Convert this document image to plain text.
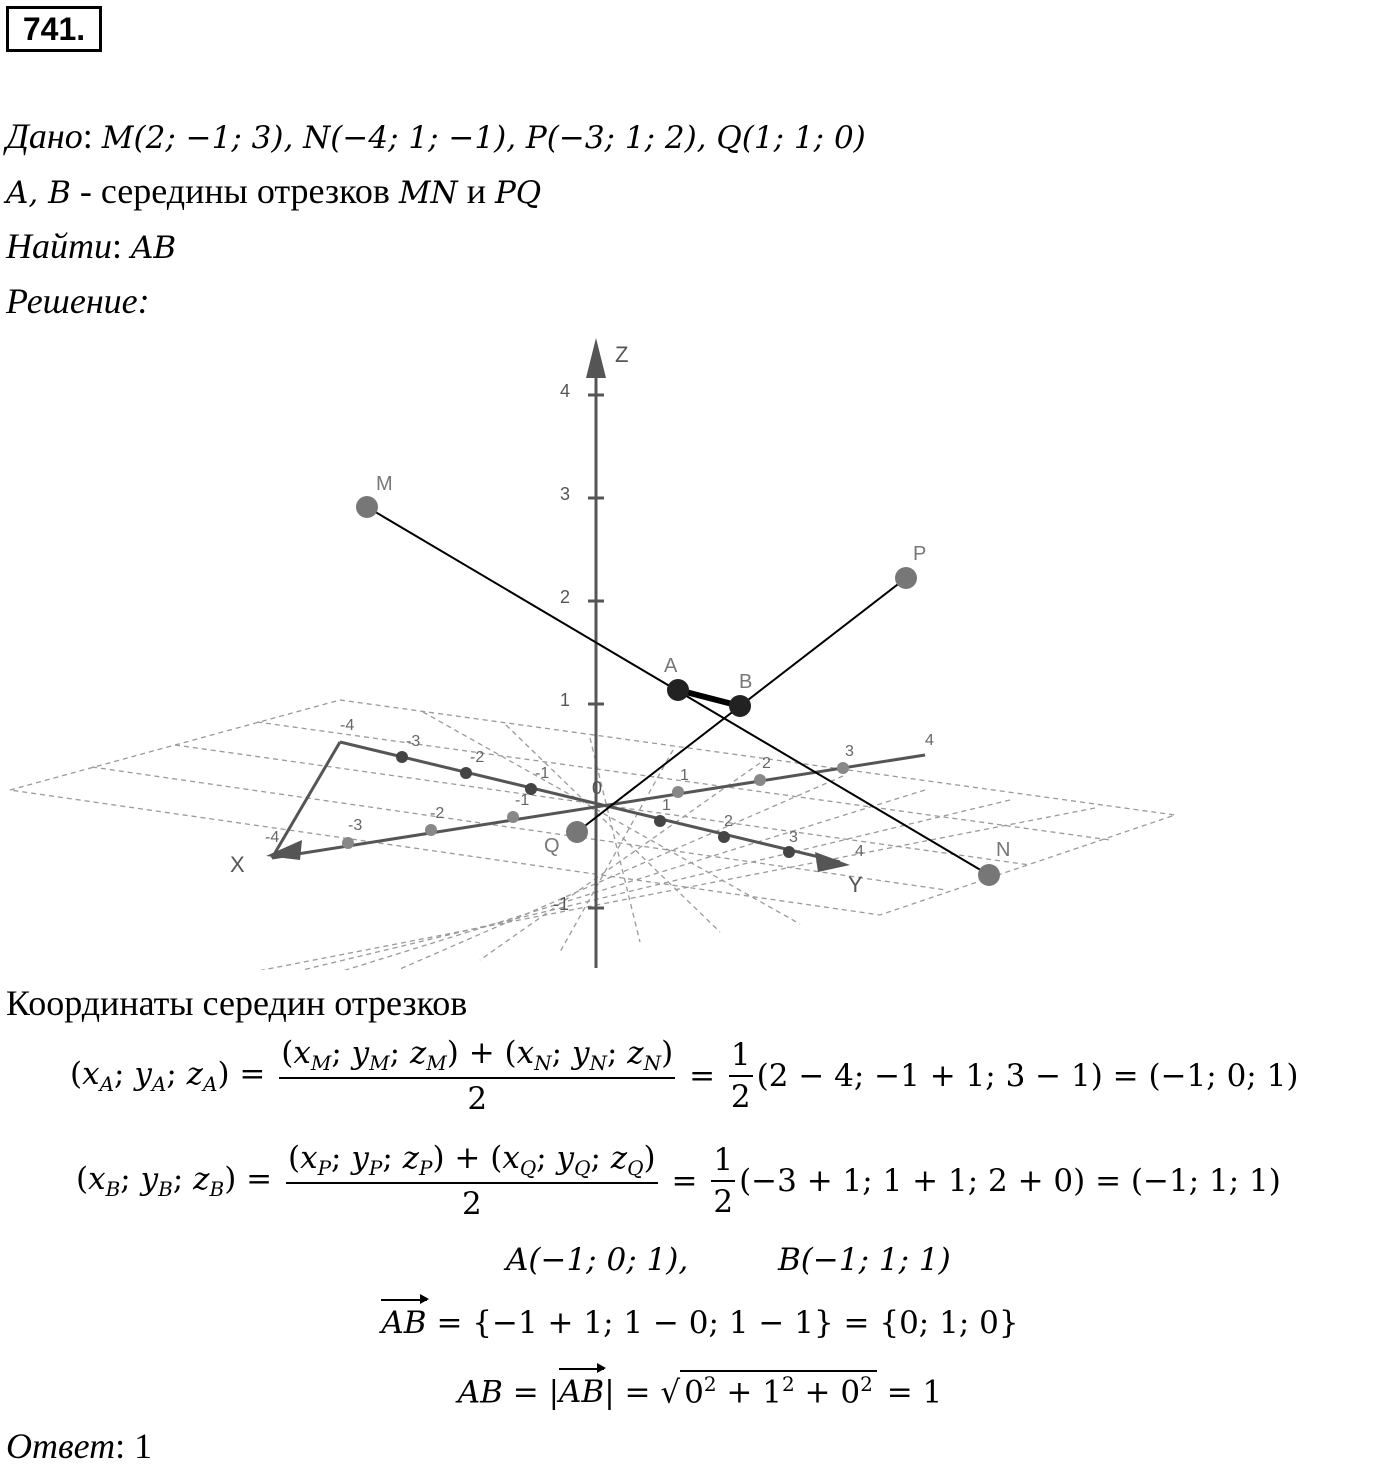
741.
Дано: M(2; −1; 3), N(−4; 1; −1), P(−3; 1; 2), Q(1; 1; 0)
A, B - середины отрезков MN и PQ
Найти: AB
Решение:
4
3
2
1
-1
Z
X
Y
0
-4
-3
-2
-1
1
2
3
4
-1
-2
-3
-4
1
2
3
4
M
N
P
Q
A
B
Координаты середин отрезков
($x_A$; $y_A$; $z_A) = \frac{(x_M; y_M; z_M) + (x_N; y_N; z_N)}{2} = \frac{1}{2} (2 - 4$; −1 + 1; 3 − 1) = (−1; 0; 1)
($x_B$; $y_B$; $z_B) = \frac{(x_P; y_P; z_P) + (x_Q; y_Q; z_Q)}{2} = \frac{1}{2} (-3 + 1$; 1 + 1; 2 + 0) = (−1; 1; 1)
A(−1; 0; 1),	B(−1; 1; 1)
AB = {−1 + 1; 1 − 0; 1 − 1} = {0; 1; 0}
AB = |AB| = √ $0^2 + 1^2 + 0^2 = 1$
Ответ: 1
